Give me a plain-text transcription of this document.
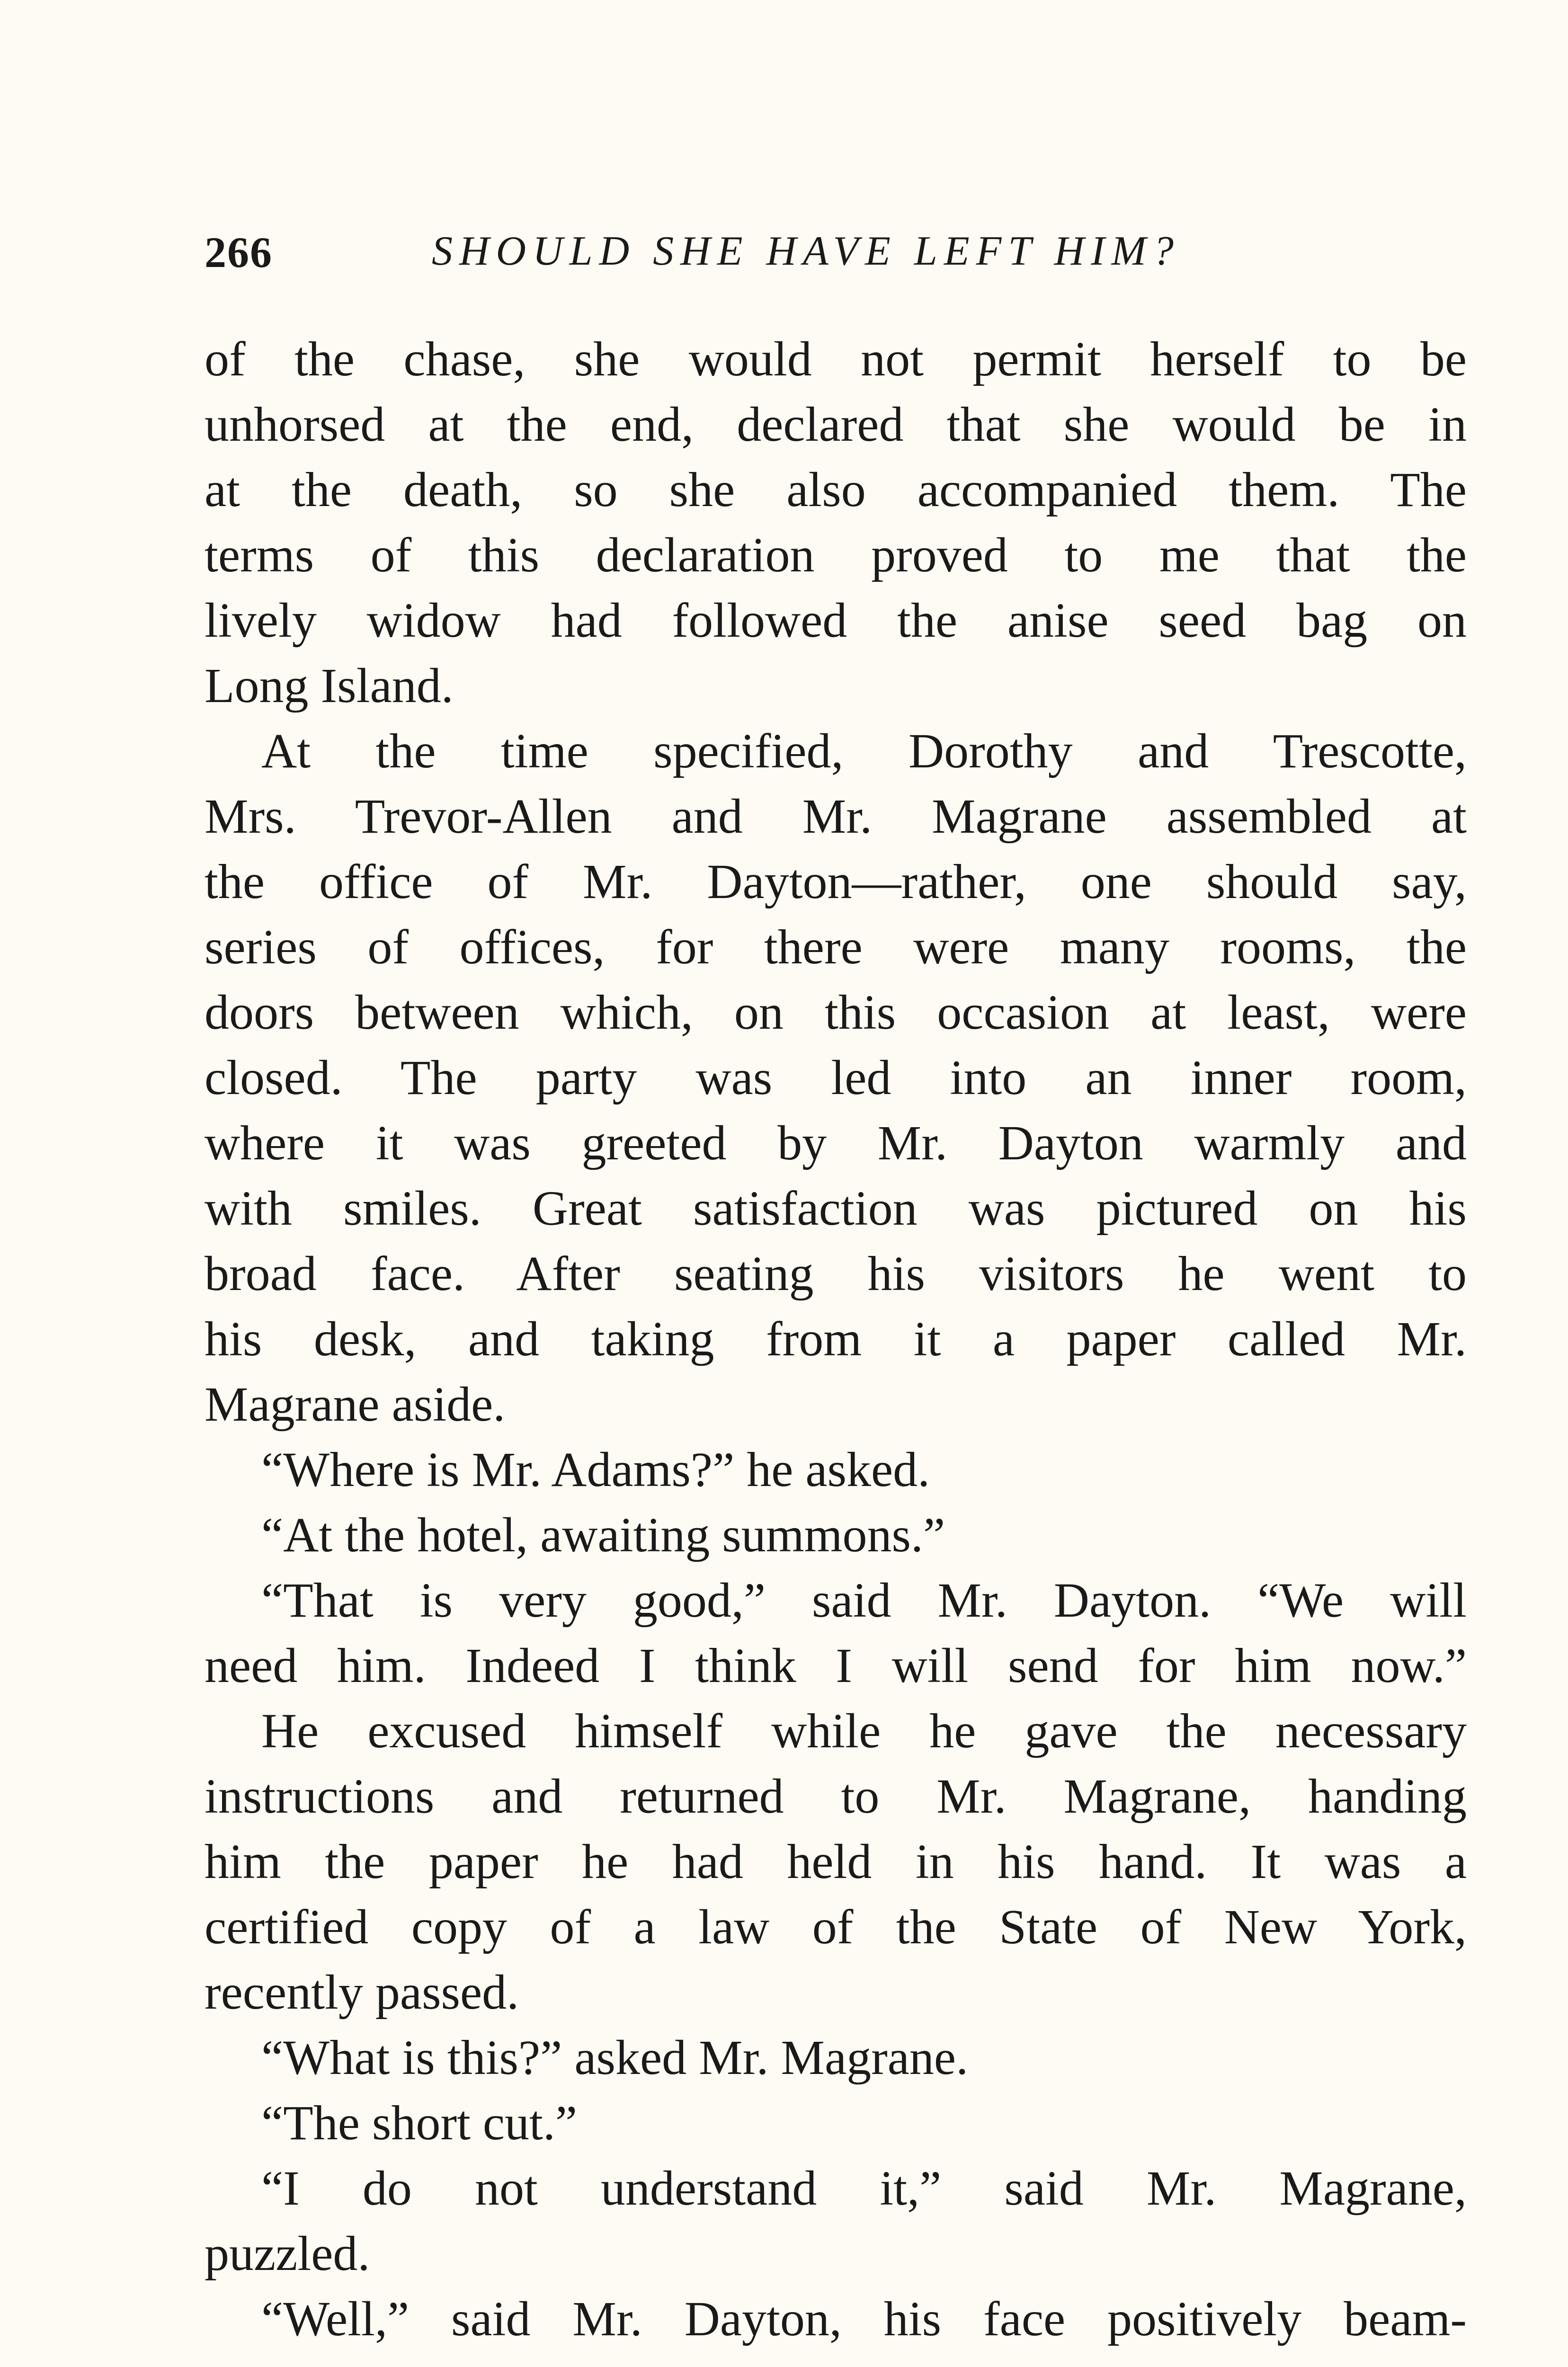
266	SHOULD SHE HAVE LEFT HIM?
of the chase, she would not permit herself to be
unhorsed at the end, declared that she would be in
at the death, so she also accompanied them. The
terms of this declaration proved to me that the
lively widow had followed the anise seed bag on
Long Island.
At the time specified, Dorothy and Trescotte,
Mrs. Trevor-Allen and Mr. Magrane assembled at
the office of Mr. Dayton—rather, one should say,
series of offices, for there were many rooms, the
doors between which, on this occasion at least, were
closed. The party was led into an inner room,
where it was greeted by Mr. Dayton warmly and
with smiles. Great satisfaction was pictured on his
broad face. After seating his visitors he went to
his desk, and taking from it a paper called Mr.
Magrane aside.
“Where is Mr. Adams?” he asked.
“At the hotel, awaiting summons.”
“That is very good,” said Mr. Dayton. “We will
need him. Indeed I think I will send for him now.”
He excused himself while he gave the necessary
instructions and returned to Mr. Magrane, handing
him the paper he had held in his hand. It was a
certified copy of a law of the State of New York,
recently passed.
“What is this?” asked Mr. Magrane.
“The short cut.”
“I do not understand it,” said Mr. Magrane,
puzzled.
“Well,” said Mr. Dayton, his face positively beam-
